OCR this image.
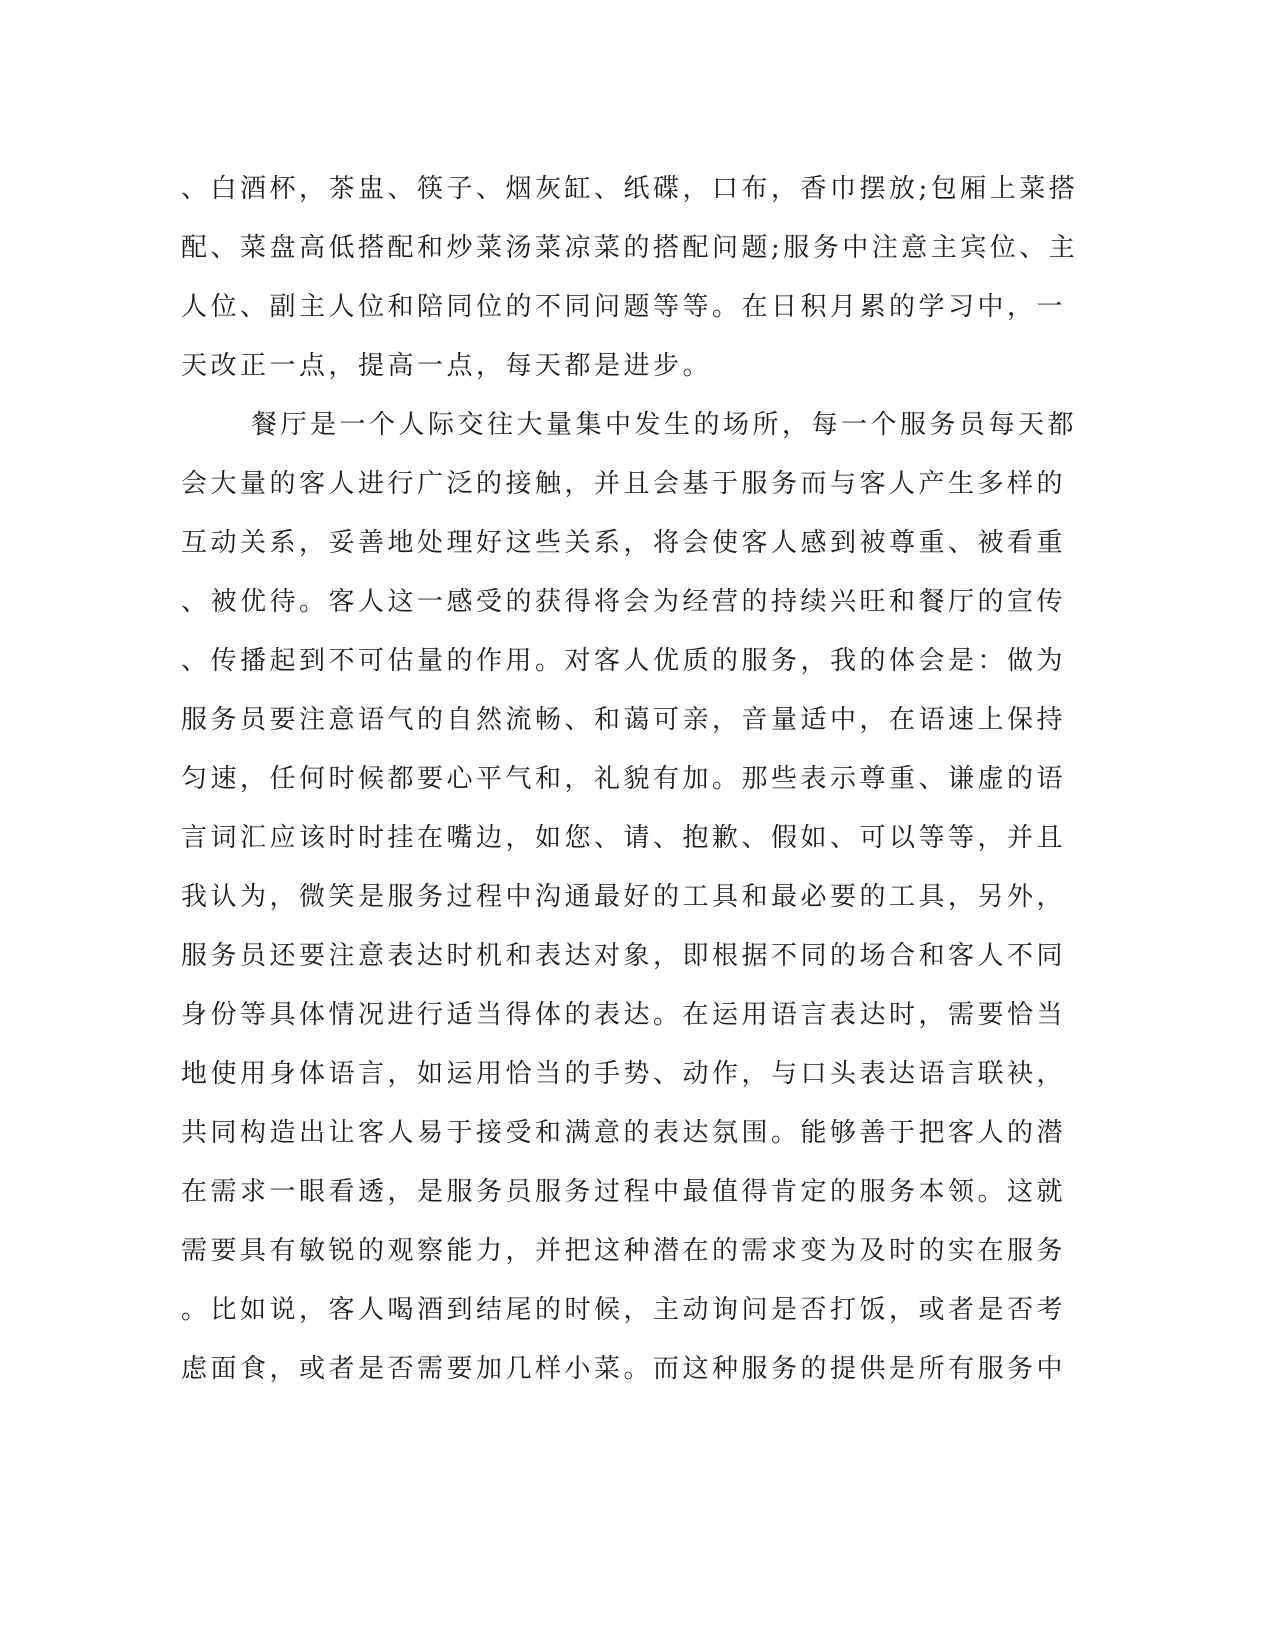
、白酒杯，茶盅、筷子、烟灰缸、纸碟，口布，香巾摆放;包厢上菜搭
配、菜盘高低搭配和炒菜汤菜凉菜的搭配问题;服务中注意主宾位、主
人位、副主人位和陪同位的不同问题等等。在日积月累的学习中，一
天改正一点，提高一点，每天都是进步。
餐厅是一个人际交往大量集中发生的场所，每一个服务员每天都
会大量的客人进行广泛的接触，并且会基于服务而与客人产生多样的
互动关系，妥善地处理好这些关系，将会使客人感到被尊重、被看重
、被优待。客人这一感受的获得将会为经营的持续兴旺和餐厅的宣传
、传播起到不可估量的作用。对客人优质的服务，我的体会是：做为
服务员要注意语气的自然流畅、和蔼可亲，音量适中，在语速上保持
匀速，任何时候都要心平气和，礼貌有加。那些表示尊重、谦虚的语
言词汇应该时时挂在嘴边，如您、请、抱歉、假如、可以等等，并且
我认为，微笑是服务过程中沟通最好的工具和最必要的工具，另外，
服务员还要注意表达时机和表达对象，即根据不同的场合和客人不同
身份等具体情况进行适当得体的表达。在运用语言表达时，需要恰当
地使用身体语言，如运用恰当的手势、动作，与口头表达语言联袂，
共同构造出让客人易于接受和满意的表达氛围。能够善于把客人的潜
在需求一眼看透，是服务员服务过程中最值得肯定的服务本领。这就
需要具有敏锐的观察能力，并把这种潜在的需求变为及时的实在服务
。比如说，客人喝酒到结尾的时候，主动询问是否打饭，或者是否考
虑面食，或者是否需要加几样小菜。而这种服务的提供是所有服务中
